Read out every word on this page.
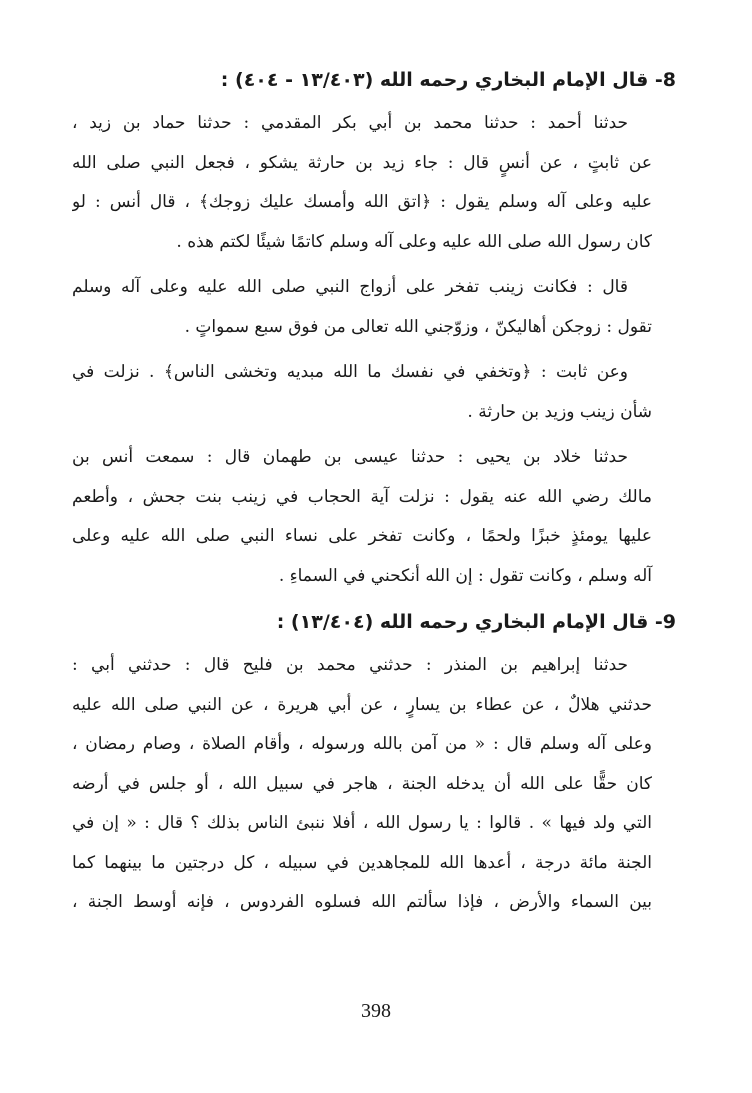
8- قال الإمام البخاري رحمه الله (١٣/٤٠٣ - ٤٠٤) :

حدثنا أحمد : حدثنا محمد بن أبي بكر المقدمي : حدثنا حماد بن زيد ،
عن ثابتٍ ، عن أنسٍ قال : جاء زيد بن حارثة يشكو ، فجعل النبي صلى الله
عليه وعلى آله وسلم يقول : ﴿اتق الله وأمسك عليك زوجك﴾ ، قال أنس : لو
كان رسول الله صلى الله عليه وعلى آله وسلم كاتمًا شيئًا لكتم هذه .

قال : فكانت زينب تفخر على أزواج النبي صلى الله عليه وعلى آله وسلم
تقول : زوجكن أهاليكنّ ، وزوّجني الله تعالى من فوق سبع سمواتٍ .

وعن ثابت : ﴿وتخفي في نفسك ما الله مبديه وتخشى الناس﴾ . نزلت في
شأن زينب وزيد بن حارثة .

حدثنا خلاد بن يحيى : حدثنا عيسى بن طهمان قال : سمعت أنس بن
مالك رضي الله عنه يقول : نزلت آية الحجاب في زينب بنت جحش ، وأطعم
عليها يومئذٍ خبزًا ولحمًا ، وكانت تفخر على نساء النبي صلى الله عليه وعلى
آله وسلم ، وكانت تقول : إن الله أنكحني في السماءِ .

9- قال الإمام البخاري رحمه الله (١٣/٤٠٤) :

حدثنا إبراهيم بن المنذر : حدثني محمد بن فليح قال : حدثني أبي :
حدثني هلالٌ ، عن عطاء بن يسارٍ ، عن أبي هريرة ، عن النبي صلى الله عليه
وعلى آله وسلم قال : « من آمن بالله ورسوله ، وأقام الصلاة ، وصام رمضان ،
كان حقًّا على الله أن يدخله الجنة ، هاجر في سبيل الله ، أو جلس في أرضه
التي ولد فيها » . قالوا : يا رسول الله ، أفلا ننبئ الناس بذلك ؟ قال : « إن في
الجنة مائة درجة ، أعدها الله للمجاهدين في سبيله ، كل درجتين ما بينهما كما
بين السماء والأرض ، فإذا سألتم الله فسلوه الفردوس ، فإنه أوسط الجنة ،

398
